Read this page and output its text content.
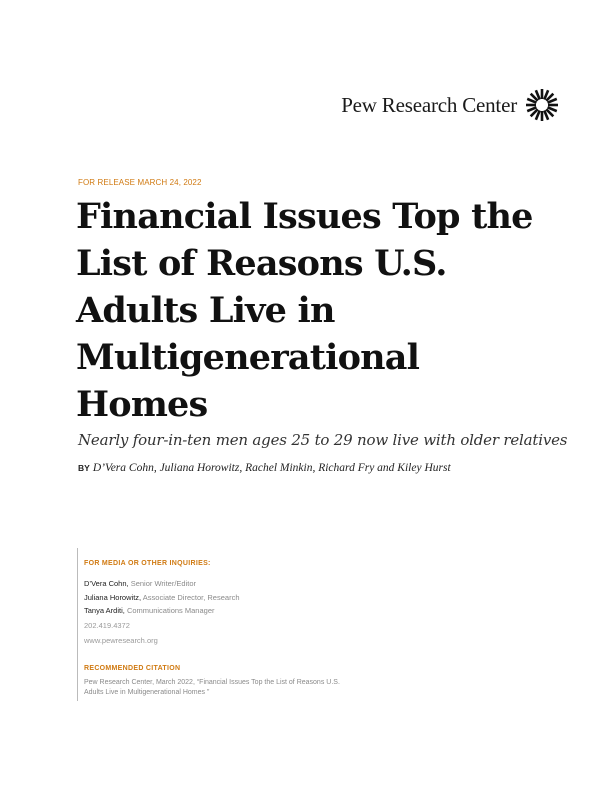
Pew Research Center
FOR RELEASE MARCH 24, 2022
Financial Issues Top the List of Reasons U.S. Adults Live in Multigenerational Homes

Nearly four-in-ten men ages 25 to 29 now live with older relatives

BY D’Vera Cohn, Juliana Horowitz, Rachel Minkin, Richard Fry and Kiley Hurst
FOR MEDIA OR OTHER INQUIRIES:
D’Vera Cohn, Senior Writer/Editor
Juliana Horowitz, Associate Director, Research
Tanya Arditi, Communications Manager
202.419.4372
www.pewresearch.org
RECOMMENDED CITATION
Pew Research Center, March 2022, “Financial Issues Top the List of Reasons U.S. Adults Live in Multigenerational Homes ”
